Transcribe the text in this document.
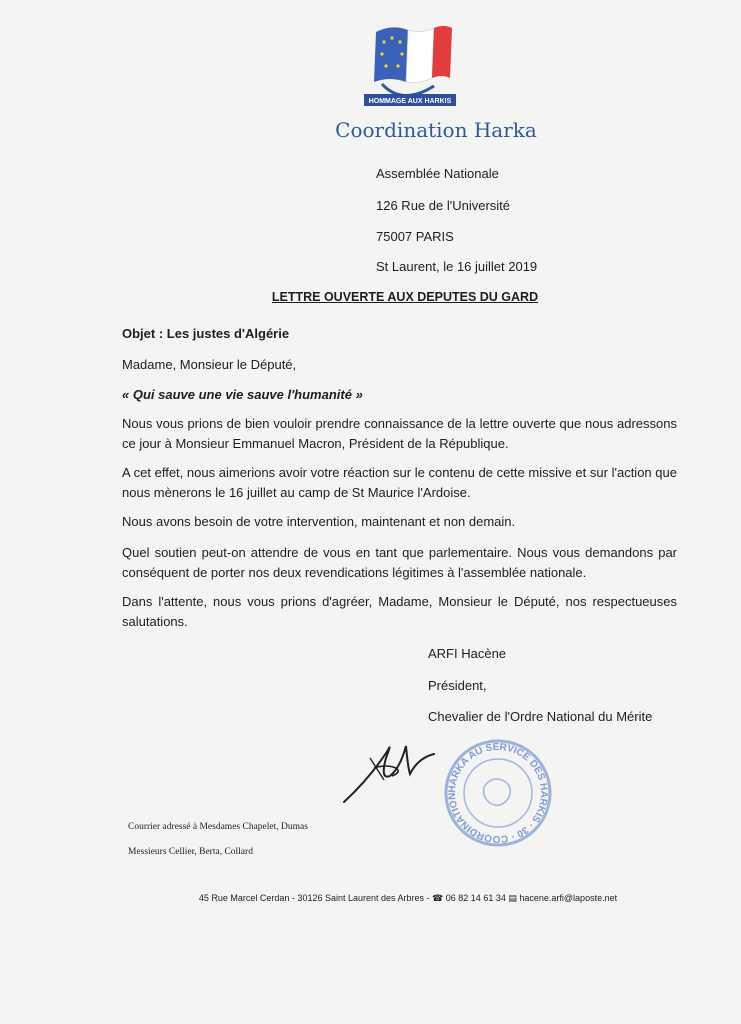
HOMMAGE AUX HARKIS
Coordination Harka
Assemblée Nationale
126 Rue de l'Université
75007 PARIS
St Laurent, le 16 juillet 2019
LETTRE OUVERTE AUX DEPUTES DU GARD
Objet : Les justes d'Algérie
Madame, Monsieur le Député,
« Qui sauve une vie sauve l'humanité »
Nous vous prions de bien vouloir prendre connaissance de la lettre ouverte que nous adressons ce jour à Monsieur Emmanuel Macron, Président de la République.
A cet effet, nous aimerions avoir votre réaction sur le contenu de cette missive et sur l'action que nous mènerons le 16 juillet au camp de St Maurice l'Ardoise.
Nous avons besoin de votre intervention, maintenant et non demain.
Quel soutien peut-on attendre de vous en tant que parlementaire. Nous vous demandons par conséquent de porter nos deux revendications légitimes à l'assemblée nationale.
Dans l'attente, nous vous prions d'agréer, Madame, Monsieur le Député, nos respectueuses salutations.
ARFI Hacène
Président,
Chevalier de l'Ordre National du Mérite
HARKA AU SERVICE DES HARKIS · 30 · COORDINATION
Courrier adressé à Mesdames Chapelet, Dumas
Messieurs Cellier, Berta, Collard
45 Rue Marcel Cerdan - 30126 Saint Laurent des Arbres - ☎ 06 82 14 61 34 ▤ hacene.arfi@laposte.net
